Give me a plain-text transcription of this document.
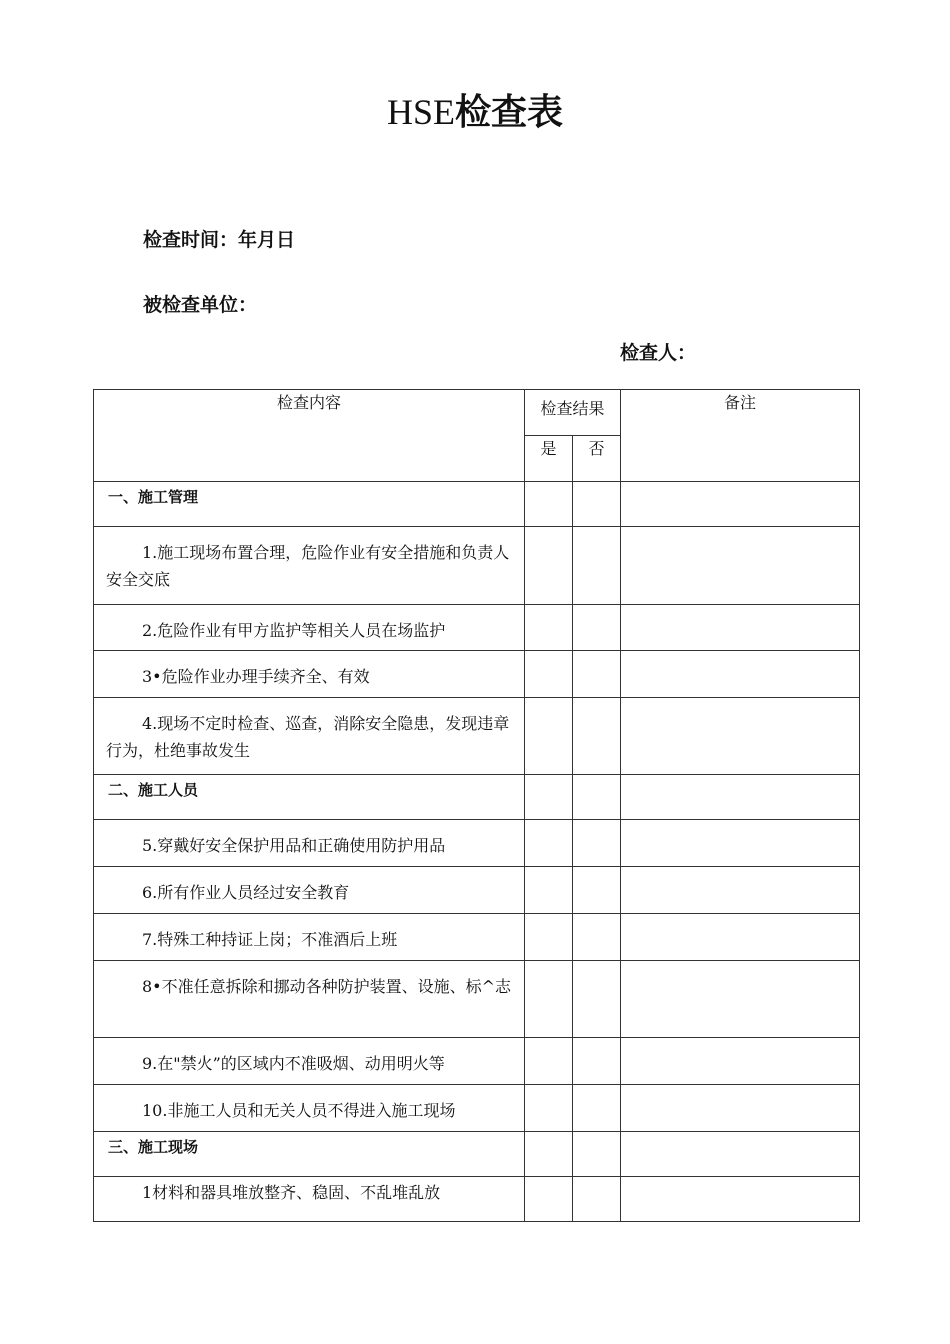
HSE检查表
检查时间：年月日
被检查单位：
检查人：
检查内容	检查结果		备注
	是	否	

一、施工管理			

1.施工现场布置合理，危险作业有安全措施和负责人安全交底			

2.危险作业有甲方监护等相关人员在场监护			

3•危险作业办理手续齐全、有效			

4.现场不定时检查、巡查，消除安全隐患，发现违章行为，杜绝事故发生			

二、施工人员			

5.穿戴好安全保护用品和正确使用防护用品			

6.所有作业人员经过安全教育			

7.特殊工种持证上岗；不准酒后上班			

8•不准任意拆除和挪动各种防护装置、设施、标^志			

9.在"禁火”的区域内不准吸烟、动用明火等			

10.非施工人员和无关人员不得进入施工现场			

三、施工现场			

1材料和器具堆放整齐、稳固、不乱堆乱放			
